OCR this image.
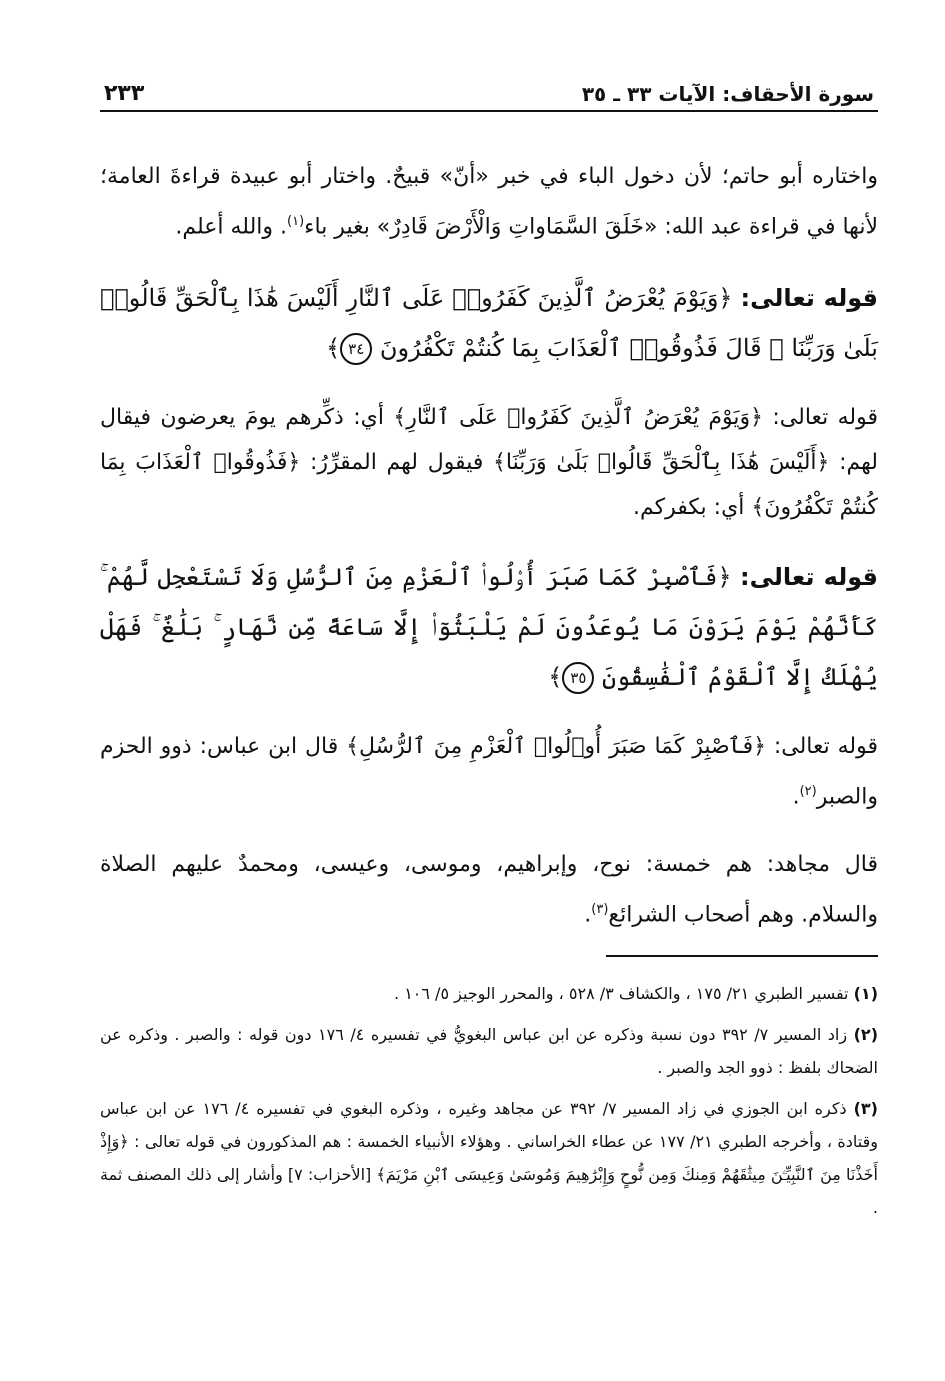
سورة الأحقاف: الآيات ٣٣ ـ ٣٥
٢٣٣

واختاره أبو حاتم؛ لأن دخول الباء في خبر «أنّ» قبيحٌ. واختار أبو عبيدة قراءةَ العامة؛ لأنها في قراءة عبد الله: «خَلَقَ السَّمَاواتِ وَالْأَرْضَ قَادِرٌ» بغير باء$^{(١)}$. والله أعلم.

قوله تعالى: ﴿وَيَوْمَ يُعْرَضُ ٱلَّذِينَ كَفَرُوا۟ عَلَى ٱلنَّارِ أَلَيْسَ هَٰذَا بِٱلْحَقِّ قَالُوا۟ بَلَىٰ وَرَبِّنَا ۚ قَالَ فَذُوقُوا۟ ٱلْعَذَابَ بِمَا كُنتُمْ تَكْفُرُونَ ٣٤﴾

قوله تعالى: ﴿وَيَوْمَ يُعْرَضُ ٱلَّذِينَ كَفَرُوا۟ عَلَى ٱلنَّارِ﴾ أي: ذكِّرهم يومَ يعرضون فيقال لهم: ﴿أَلَيْسَ هَٰذَا بِٱلْحَقِّ قَالُوا۟ بَلَىٰ وَرَبِّنَا﴾ فيقول لهم المقرِّرُ: ﴿فَذُوقُوا۟ ٱلْعَذَابَ بِمَا كُنتُمْ تَكْفُرُونَ﴾ أي: بكفركم.

قوله تعالى: ﴿فَٱصْبِرْ كَمَا صَبَرَ أُو۟لُوا۟ ٱلْعَزْمِ مِنَ ٱلرُّسُلِ وَلَا تَسْتَعْجِل لَّهُمْ ۚ كَأَنَّهُمْ يَوْمَ يَرَوْنَ مَا يُوعَدُونَ لَمْ يَلْبَثُوٓا۟ إِلَّا سَاعَةً مِّن نَّهَارٍ ۚ بَلَٰغٌ ۚ فَهَلْ يُهْلَكُ إِلَّا ٱلْقَوْمُ ٱلْفَٰسِقُونَ ٣٥﴾

قوله تعالى: ﴿فَٱصْبِرْ كَمَا صَبَرَ أُو۟لُوا۟ ٱلْعَزْمِ مِنَ ٱلرُّسُلِ﴾ قال ابن عباس: ذوو الحزم والصبر$^{(٢)}$.

قال مجاهد: هم خمسة: نوح، وإبراهيم، وموسى، وعيسى، ومحمدٌ عليهم الصلاة والسلام. وهم أصحاب الشرائع$^{(٣)}$.

(١) تفسير الطبري ٢١/ ١٧٥ ، والكشاف ٣/ ٥٢٨ ، والمحرر الوجيز ٥/ ١٠٦ .

(٢) زاد المسير ٧/ ٣٩٢ دون نسبة وذكره عن ابن عباس البغويُّ في تفسيره ٤/ ١٧٦ دون قوله : والصبر . وذكره عن الضحاك بلفظ : ذوو الجد والصبر .

(٣) ذكره ابن الجوزي في زاد المسير ٧/ ٣٩٢ عن مجاهد وغيره ، وذكره البغوي في تفسيره ٤/ ١٧٦ عن ابن عباس وقتادة ، وأخرجه الطبري ٢١/ ١٧٧ عن عطاء الخراساني . وهؤلاء الأنبياء الخمسة : هم المذكورون في قوله تعالى : ﴿وَإِذْ أَخَذْنَا مِنَ ٱلنَّبِيِّـۧنَ مِيثَٰقَهُمْ وَمِنكَ وَمِن نُّوحٍ وَإِبْرَٰهِيمَ وَمُوسَىٰ وَعِيسَى ٱبْنِ مَرْيَمَ﴾ [الأحزاب: ٧] وأشار إلى ذلك المصنف ثمة .
